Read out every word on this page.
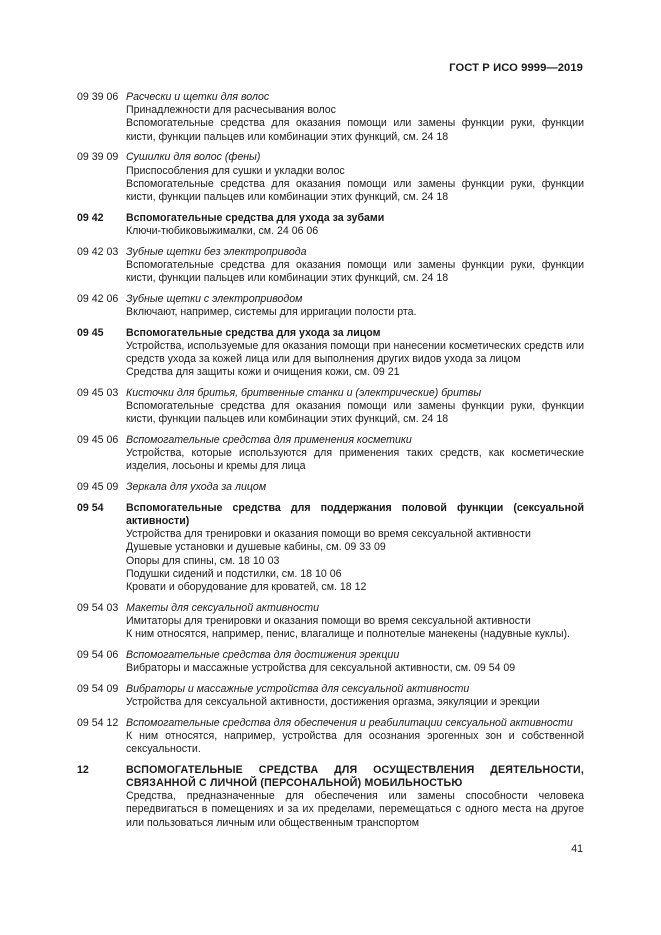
ГОСТ Р ИСО 9999—2019
09 39 06 Расчески и щетки для волос
Принадлежности для расчесывания волос
Вспомогательные средства для оказания помощи или замены функции руки, функции кисти, функции пальцев или комбинации этих функций, см. 24 18
09 39 09 Сушилки для волос (фены)
Приспособления для сушки и укладки волос
Вспомогательные средства для оказания помощи или замены функции руки, функции кисти, функции пальцев или комбинации этих функций, см. 24 18
09 42	Вспомогательные средства для ухода за зубами
Ключи-тюбиковыжималки, см. 24 06 06
09 42 03 Зубные щетки без электропривода
Вспомогательные средства для оказания помощи или замены функции руки, функции кисти, функции пальцев или комбинации этих функций, см. 24 18
09 42 06 Зубные щетки с электроприводом
Включают, например, системы для ирригации полости рта.
09 45	Вспомогательные средства для ухода за лицом
Устройства, используемые для оказания помощи при нанесении косметических средств или средств ухода за кожей лица или для выполнения других видов ухода за лицом
Средства для защиты кожи и очищения кожи, см. 09 21
09 45 03 Кисточки для бритья, бритвенные станки и (электрические) бритвы
Вспомогательные средства для оказания помощи или замены функции руки, функции кисти, функции пальцев или комбинации этих функций, см. 24 18
09 45 06 Вспомогательные средства для применения косметики
Устройства, которые используются для применения таких средств, как косметические изделия, лосьоны и кремы для лица
09 45 09 Зеркала для ухода за лицом
09 54	Вспомогательные средства для поддержания половой функции (сексуальной активности)
Устройства для тренировки и оказания помощи во время сексуальной активности
Душевые установки и душевые кабины, см. 09 33 09
Опоры для спины, см. 18 10 03
Подушки сидений и подстилки, см. 18 10 06
Кровати и оборудование для кроватей, см. 18 12
09 54 03 Макеты для сексуальной активности
Имитаторы для тренировки и оказания помощи во время сексуальной активности
К ним относятся, например, пенис, влагалище и полнотелые манекены (надувные куклы).
09 54 06 Вспомогательные средства для достижения эрекции
Вибраторы и массажные устройства для сексуальной активности, см. 09 54 09
09 54 09 Вибраторы и массажные устройства для сексуальной активности
Устройства для сексуальной активности, достижения оргазма, эякуляции и эрекции
09 54 12 Вспомогательные средства для обеспечения и реабилитации сексуальной активности
К ним относятся, например, устройства для осознания эрогенных зон и собственной сексуальности.
12	ВСПОМОГАТЕЛЬНЫЕ СРЕДСТВА ДЛЯ ОСУЩЕСТВЛЕНИЯ ДЕЯТЕЛЬНОСТИ, СВЯЗАННОЙ С ЛИЧНОЙ (ПЕРСОНАЛЬНОЙ) МОБИЛЬНОСТЬЮ
Средства, предназначенные для обеспечения или замены способности человека передвигаться в помещениях и за их пределами, перемещаться с одного места на другое или пользоваться личным или общественным транспортом
41
